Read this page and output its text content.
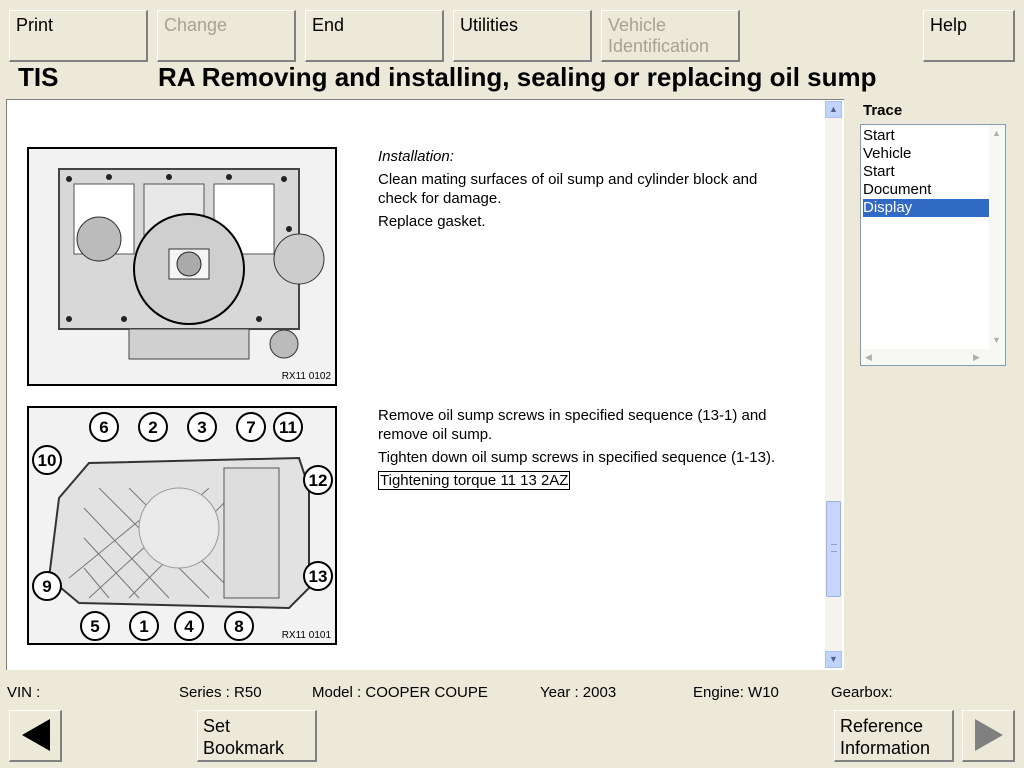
Print	Change	End	Utilities	Vehicle
Identification
Help
TIS	RA Removing and installing, sealing or replacing oil sump
RX11 0102

Installation:

Clean mating surfaces of oil sump and cylinder block and check for damage.

Replace gasket.

6 2 3 7 11
10
12
9
13
5 1 4 8	RX11 0101

Remove oil sump screws in specified sequence (13-1) and remove oil sump.

Tighten down oil sump screws in specified sequence (1-13).

Tightening torque 11 13 2AZ

▲
▼
Trace
Start
Vehicle
Start
Document
Display
▲
▼
◀	▶
VIN :	Series : R50	Model : COOPER COUPE	Year : 2003	Engine: W10	Gearbox:
Set
Bookmark
Reference
Information
